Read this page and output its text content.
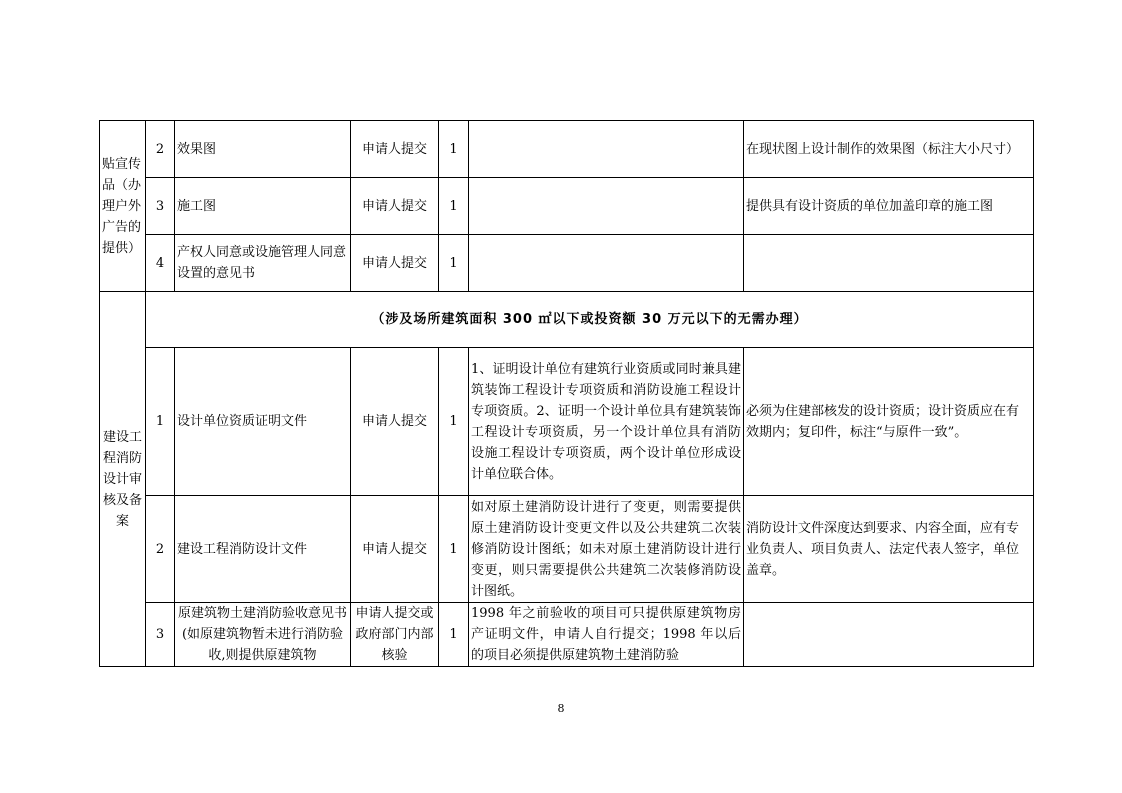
贴宣传品（办理户外广告的提供）	2	效果图	申请人提交	1		在现状图上设计制作的效果图（标注大小尺寸）
	3	施工图	申请人提交	1		提供具有设计资质的单位加盖印章的施工图
	4	产权人同意或设施管理人同意设置的意见书	申请人提交	1		
建设工程消防设计审核及备案	（涉及场所建筑面积 300 ㎡以下或投资额 30 万元以下的无需办理）					
	1	设计单位资质证明文件	申请人提交	1	1、证明设计单位有建筑行业资质或同时兼具建筑装饰工程设计专项资质和消防设施工程设计专项资质。2、证明一个设计单位具有建筑装饰工程设计专项资质，另一个设计单位具有消防设施工程设计专项资质，两个设计单位形成设计单位联合体。	必须为住建部核发的设计资质；设计资质应在有效期内；复印件，标注“与原件一致”。
	2	建设工程消防设计文件	申请人提交	1	如对原土建消防设计进行了变更，则需要提供原土建消防设计变更文件以及公共建筑二次装修消防设计图纸；如未对原土建消防设计进行变更，则只需要提供公共建筑二次装修消防设计图纸。	消防设计文件深度达到要求、内容全面，应有专业负责人、项目负责人、法定代表人签字，单位盖章。
	3	原建筑物土建消防验收意见书(如原建筑物暂未进行消防验收,则提供原建筑物	申请人提交或政府部门内部核验	1	1998 年之前验收的项目可只提供原建筑物房产证明文件，申请人自行提交；1998 年以后的项目必须提供原建筑物土建消防验	
8
